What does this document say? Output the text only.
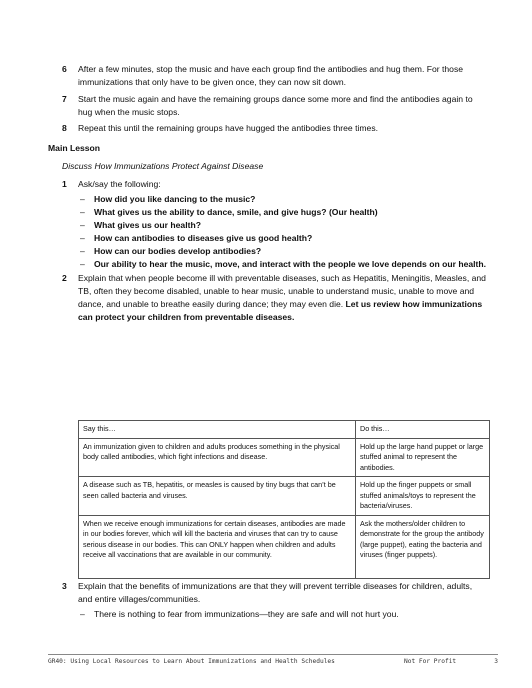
6 After a few minutes, stop the music and have each group find the antibodies and hug them. For those immunizations that only have to be given once, they can now sit down.
7 Start the music again and have the remaining groups dance some more and find the antibodies again to hug when the music stops.
8 Repeat this until the remaining groups have hugged the antibodies three times.
Main Lesson
Discuss How Immunizations Protect Against Disease
1 Ask/say the following:
– How did you like dancing to the music?
– What gives us the ability to dance, smile, and give hugs? (Our health)
– What gives us our health?
– How can antibodies to diseases give us good health?
– How can our bodies develop antibodies?
– Our ability to hear the music, move, and interact with the people we love depends on our health.
2 Explain that when people become ill with preventable diseases, such as Hepatitis, Meningitis, Measles, and TB, often they become disabled, unable to hear music, unable to understand music, unable to move and dance, and unable to breathe easily during dance; they may even die. Let us review how immunizations can protect your children from preventable diseases.
Say this…	Do this…
An immunization given to children and adults produces something in the physical body called antibodies, which fight infections and disease.	Hold up the large hand puppet or large stuffed animal to represent the antibodies.
A disease such as TB, hepatitis, or measles is caused by tiny bugs that can’t be seen called bacteria and viruses.	Hold up the finger puppets or small stuffed animals/toys to represent the bacteria/viruses.
When we receive enough immunizations for certain diseases, antibodies are made in our bodies forever, which will kill the bacteria and viruses that can try to cause serious disease in our bodies. This can ONLY happen when children and adults receive all vaccinations that are available in our community.	Ask the mothers/older children to demonstrate for the group the antibody (large puppet), eating the bacteria and viruses (finger puppets).
3 Explain that the benefits of immunizations are that they will prevent terrible diseases for children, adults, and entire villages/communities.
– There is nothing to fear from immunizations—they are safe and will not hurt you.
GR40: Using Local Resources to Learn About Immunizations and Health Schedules	Not For Profit	3
